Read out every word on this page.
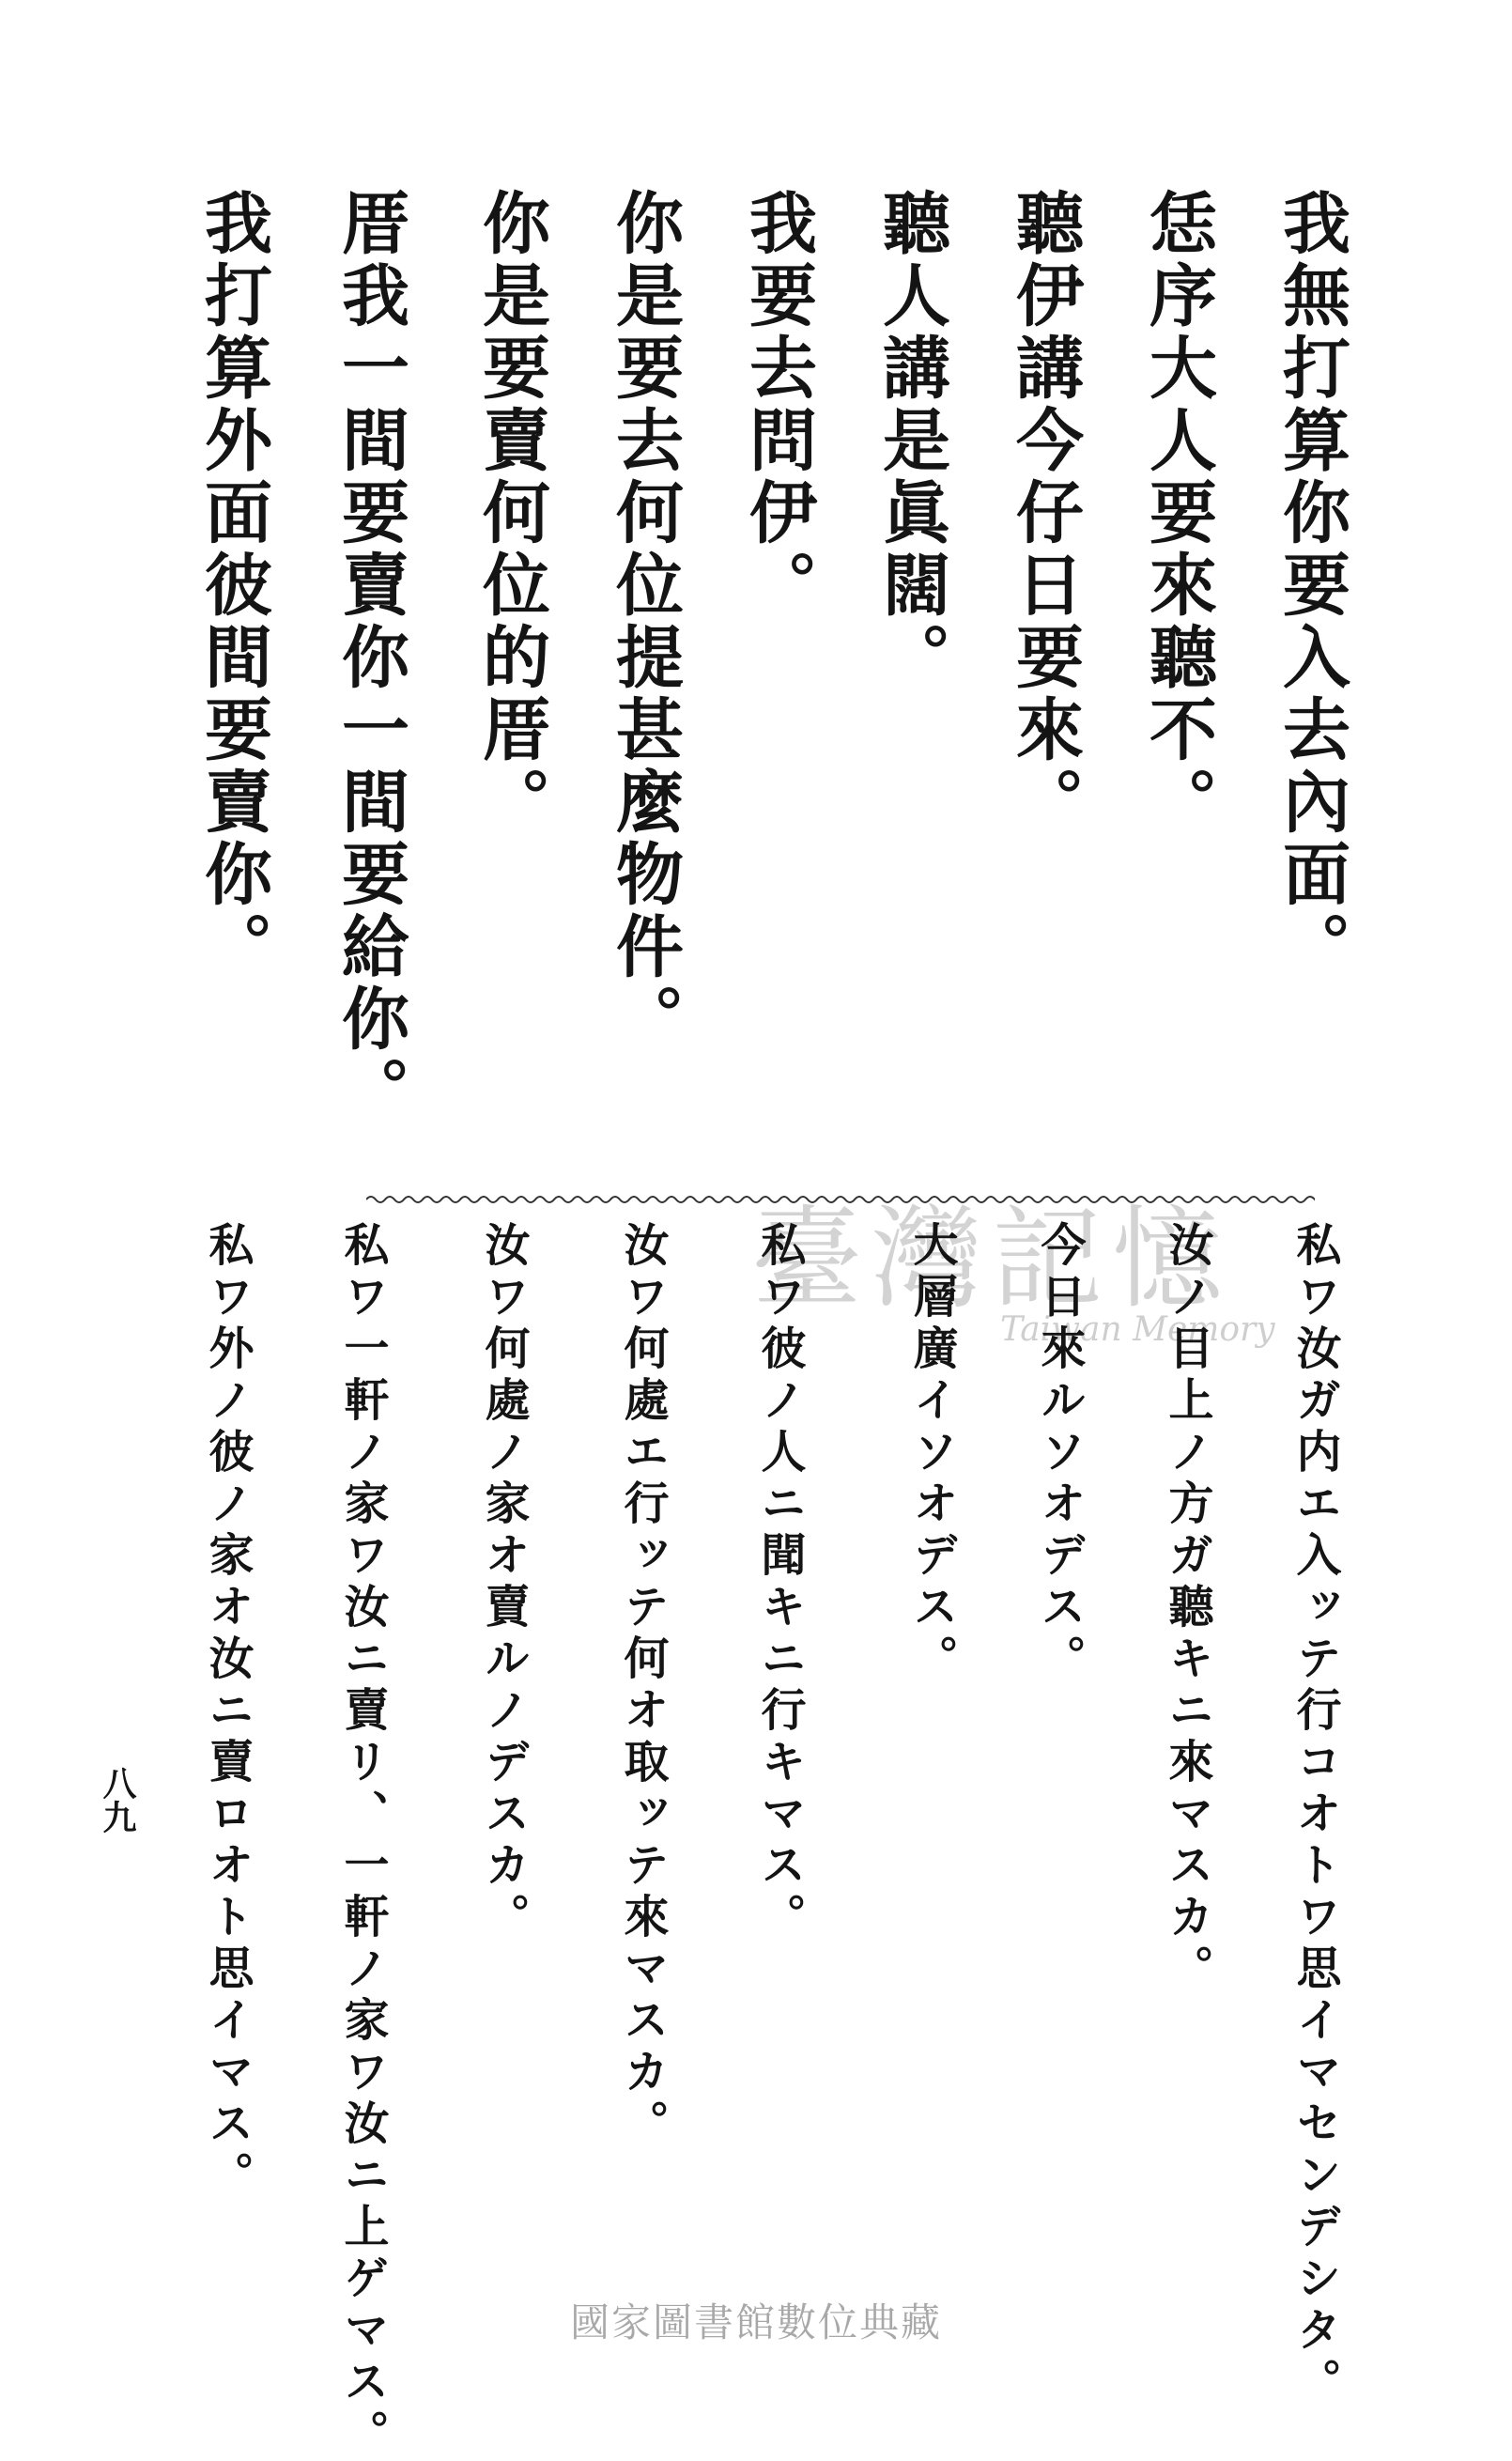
我無打算你要入去內面。
恁序大人要來聽不。
聽伊講今仔日要來。
聽人講是眞闊。
我要去問伊。
你是要去何位提甚麼物件。
你是要賣何位的厝。
厝我一間要賣你一間要給你。
我打算外面彼間要賣你。
臺灣記憶
Taiwan Memory 私ワ汝ガ内エ入ッテ行コオトワ思イマセンデシタ。
汝ノ目上ノ方ガ聽キニ來マスカ。
今日來ルソオデス。
大層廣イソオデス。
私ワ彼ノ人ニ聞キニ行キマス。
汝ワ何處エ行ッテ何オ取ッテ來マスカ。
汝ワ何處ノ家オ賣ルノデスカ。
私ワ一軒ノ家ワ汝ニ賣リ、一軒ノ家ワ汝ニ上ゲマス。
私ワ外ノ彼ノ家オ汝ニ賣ロオト思イマス。
八九
國家圖書館數位典藏
